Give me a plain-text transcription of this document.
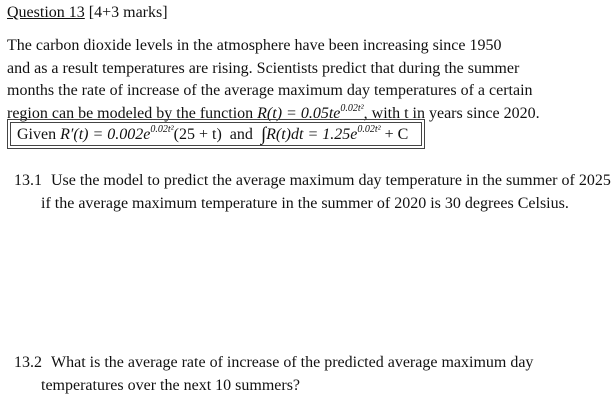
Question 13 [4+3 marks]
The carbon dioxide levels in the atmosphere have been increasing since 1950
and as a result temperatures are rising. Scientists predict that during the summer
months the rate of increase of the average maximum day temperatures of a certain
region can be modeled by the function $R(t) = 0.05te^{0.02t^2}$, with t in years since 2020.
Given $R'(t) = 0.002e^{0.02t^2}(25 + t)$  and  $\int R(t)dt = 1.25e^{0.02t^2} + C$
13.1 Use the model to predict the average maximum day temperature in the summer of 2025
if the average maximum temperature in the summer of 2020 is 30 degrees Celsius.
13.2 What is the average rate of increase of the predicted average maximum day
temperatures over the next 10 summers?
